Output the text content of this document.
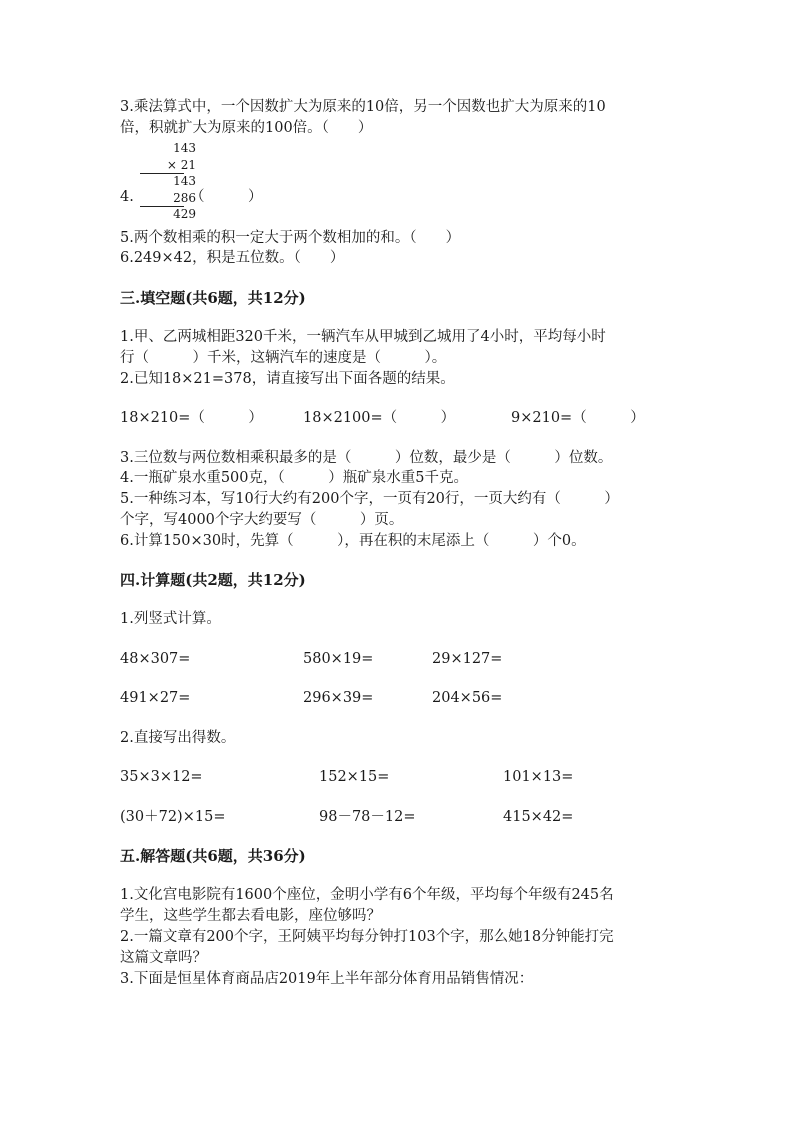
3.乘法算式中，一个因数扩大为原来的10倍，另一个因数也扩大为原来的10
倍，积就扩大为原来的100倍。（　　）
143
× 21
143
286
429
4.	（　　　）
5.两个数相乘的积一定大于两个数相加的和。（　　）
6.249×42，积是五位数。（　　）
三.填空题(共6题，共12分)
1.甲、乙两城相距320千米，一辆汽车从甲城到乙城用了4小时，平均每小时
行（　　　）千米，这辆汽车的速度是（　　　）。
2.已知18×21=378，请直接写出下面各题的结果。
18×210=（　　　）	18×2100=（　　　）	9×210=（　　　）
3.三位数与两位数相乘积最多的是（　　　）位数，最少是（　　　）位数。
4.一瓶矿泉水重500克，（　　　）瓶矿泉水重5千克。
5.一种练习本，写10行大约有200个字，一页有20行，一页大约有（　　　）
个字，写4000个字大约要写（　　　）页。
6.计算150×30时，先算（　　　），再在积的末尾添上（　　　）个0。
四.计算题(共2题，共12分)
1.列竖式计算。
48×307=	580×19=	29×127=
491×27=	296×39=	204×56=
2.直接写出得数。
35×3×12=	152×15=	101×13=
(30＋72)×15=	98－78－12=	415×42=
五.解答题(共6题，共36分)
1.文化宫电影院有1600个座位，金明小学有6个年级，平均每个年级有245名
学生，这些学生都去看电影，座位够吗？
2.一篇文章有200个字，王阿姨平均每分钟打103个字，那么她18分钟能打完
这篇文章吗？
3.下面是恒星体育商品店2019年上半年部分体育用品销售情况：
